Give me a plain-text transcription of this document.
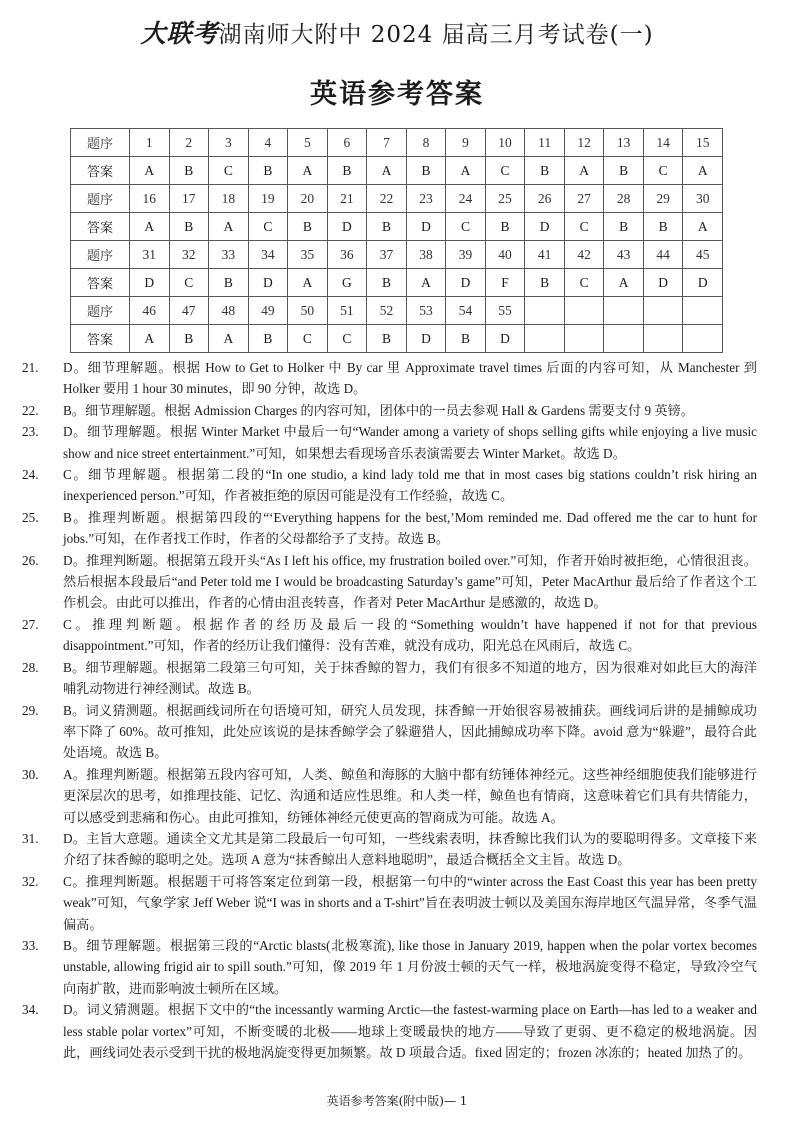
大联考湖南师大附中 2024 届高三月考试卷(一)
英语参考答案
题序	1	2	3	4	5	6	7	8	9	10	11	12	13	14	15
答案	A	B	C	B	A	B	A	B	A	C	B	A	B	C	A
题序	16	17	18	19	20	21	22	23	24	25	26	27	28	29	30
答案	A	B	A	C	B	D	B	D	C	B	D	C	B	B	A
题序	31	32	33	34	35	36	37	38	39	40	41	42	43	44	45
答案	D	C	B	D	A	G	B	A	D	F	B	C	A	D	D
题序	46	47	48	49	50	51	52	53	54	55					
答案	A	B	A	B	C	C	B	D	B	D					
21. D。细节理解题。根据 How to Get to Holker 中 By car 里 Approximate travel times 后面的内容可知，从 Manchester 到 Holker 要用 1 hour 30 minutes，即 90 分钟，故选 D。
22. B。细节理解题。根据 Admission Charges 的内容可知，团体中的一员去参观 Hall & Gardens 需要支付 9 英镑。
23. D。细节理解题。根据 Winter Market 中最后一句“Wander among a variety of shops selling gifts while enjoying a live music show and nice street entertainment.”可知，如果想去看现场音乐表演需要去 Winter Market。故选 D。
24. C。细节理解题。根据第二段的“In one studio, a kind lady told me that in most cases big stations couldn’t risk hiring an inexperienced person.”可知，作者被拒绝的原因可能是没有工作经验，故选 C。
25. B。推理判断题。根据第四段的“‘Everything happens for the best,’Mom reminded me. Dad offered me the car to hunt for jobs.”可知，在作者找工作时，作者的父母都给予了支持。故选 B。
26. D。推理判断题。根据第五段开头“As I left his office, my frustration boiled over.”可知，作者开始时被拒绝，心情很沮丧。然后根据本段最后“and Peter told me I would be broadcasting Saturday’s game”可知，Peter MacArthur 最后给了作者这个工作机会。由此可以推出，作者的心情由沮丧转喜，作者对 Peter MacArthur 是感激的，故选 D。
27. C。推理判断题。根据作者的经历及最后一段的“Something wouldn’t have happened if not for that previous disappointment.”可知，作者的经历让我们懂得：没有苦难，就没有成功，阳光总在风雨后，故选 C。
28. B。细节理解题。根据第二段第三句可知，关于抹香鲸的智力，我们有很多不知道的地方，因为很难对如此巨大的海洋哺乳动物进行神经测试。故选 B。
29. B。词义猜测题。根据画线词所在句语境可知，研究人员发现，抹香鲸一开始很容易被捕获。画线词后讲的是捕鲸成功率下降了 60%。故可推知，此处应该说的是抹香鲸学会了躲避猎人，因此捕鲸成功率下降。avoid 意为“躲避”，最符合此处语境。故选 B。
30. A。推理判断题。根据第五段内容可知，人类、鲸鱼和海豚的大脑中都有纺锤体神经元。这些神经细胞使我们能够进行更深层次的思考，如推理技能、记忆、沟通和适应性思维。和人类一样，鲸鱼也有情商，这意味着它们具有共情能力，可以感受到悲痛和伤心。由此可推知，纺锤体神经元使更高的智商成为可能。故选 A。
31. D。主旨大意题。通读全文尤其是第二段最后一句可知，一些线索表明，抹香鲸比我们认为的要聪明得多。文章接下来介绍了抹香鲸的聪明之处。选项 A 意为“抹香鲸出人意料地聪明”，最适合概括全文主旨。故选 D。
32. C。推理判断题。根据题干可将答案定位到第一段，根据第一句中的“winter across the East Coast this year has been pretty weak”可知，气象学家 Jeff Weber 说“I was in shorts and a T-shirt”旨在表明波士顿以及美国东海岸地区气温异常，冬季气温偏高。
33. B。细节理解题。根据第三段的“Arctic blasts(北极寒流), like those in January 2019, happen when the polar vortex becomes unstable, allowing frigid air to spill south.”可知，像 2019 年 1 月份波士顿的天气一样，极地涡旋变得不稳定，导致冷空气向南扩散，进而影响波士顿所在区域。
34. D。词义猜测题。根据下文中的“the incessantly warming Arctic—the fastest-warming place on Earth—has led to a weaker and less stable polar vortex”可知，不断变暖的北极——地球上变暖最快的地方——导致了更弱、更不稳定的极地涡旋。因此，画线词处表示受到干扰的极地涡旋变得更加频繁。故 D 项最合适。fixed 固定的；frozen 冰冻的；heated 加热了的。
英语参考答案(附中版)— 1
